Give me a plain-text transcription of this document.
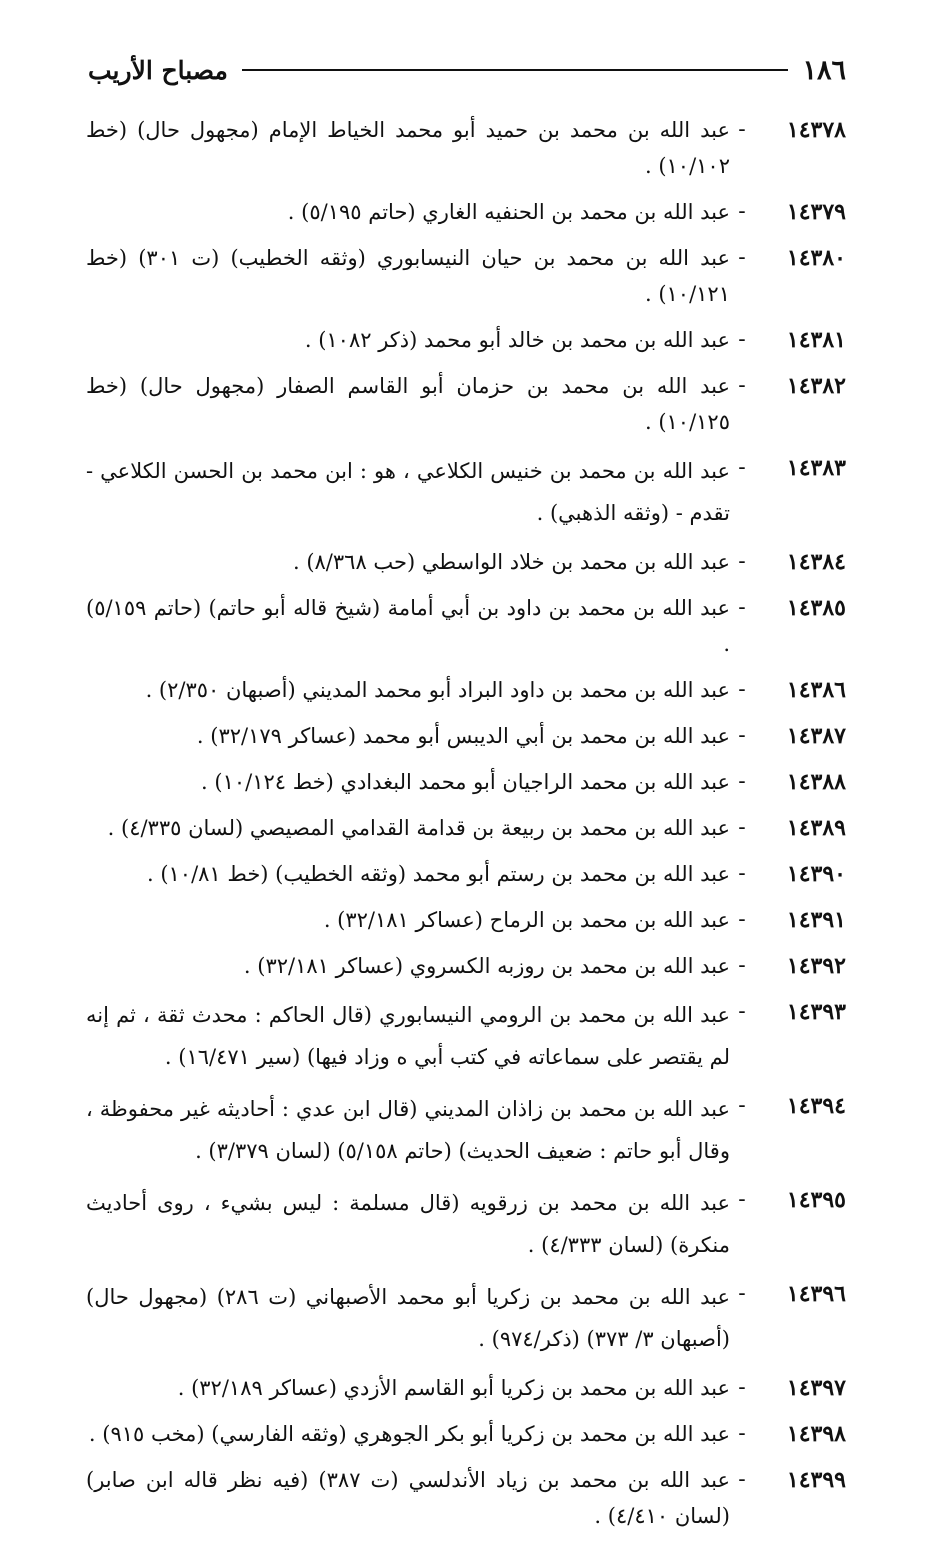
١٨٦
مصباح الأريب
١٤٣٧٨
-
عبد الله بن محمد بن حميد أبو محمد الخياط الإمام (مجهول حال) (خط ١٠/١٠٢) .
١٤٣٧٩
-
عبد الله بن محمد بن الحنفيه الغاري (حاتم ٥/١٩٥) .
١٤٣٨٠
-
عبد الله بن محمد بن حيان النيسابوري (وثقه الخطيب) (ت ٣٠١) (خط ١٠/١٢١) .
١٤٣٨١
-
عبد الله بن محمد بن خالد أبو محمد (ذكر ١٠٨٢) .
١٤٣٨٢
-
عبد الله بن محمد بن حزمان أبو القاسم الصفار (مجهول حال) (خط ١٠/١٢٥) .
١٤٣٨٣
-
عبد الله بن محمد بن خنيس الكلاعي ، هو : ابن محمد بن الحسن الكلاعي - تقدم - (وثقه الذهبي) .
١٤٣٨٤
-
عبد الله بن محمد بن خلاد الواسطي (حب ٨/٣٦٨) .
١٤٣٨٥
-
عبد الله بن محمد بن داود بن أبي أمامة (شيخ قاله أبو حاتم) (حاتم ٥/١٥٩) .
١٤٣٨٦
-
عبد الله بن محمد بن داود البراد أبو محمد المديني (أصبهان ٢/٣٥٠) .
١٤٣٨٧
-
عبد الله بن محمد بن أبي الديبس أبو محمد (عساكر ٣٢/١٧٩) .
١٤٣٨٨
-
عبد الله بن محمد الراجيان أبو محمد البغدادي (خط ١٠/١٢٤) .
١٤٣٨٩
-
عبد الله بن محمد بن ربيعة بن قدامة القدامي المصيصي (لسان ٤/٣٣٥) .
١٤٣٩٠
-
عبد الله بن محمد بن رستم أبو محمد (وثقه الخطيب) (خط ١٠/٨١) .
١٤٣٩١
-
عبد الله بن محمد بن الرماح (عساكر ٣٢/١٨١) .
١٤٣٩٢
-
عبد الله بن محمد بن روزبه الكسروي (عساكر ٣٢/١٨١) .
١٤٣٩٣
-
عبد الله بن محمد بن الرومي النيسابوري (قال الحاكم : محدث ثقة ، ثم إنه لم يقتصر على سماعاته في كتب أبي ه وزاد فيها) (سير ١٦/٤٧١) .
١٤٣٩٤
-
عبد الله بن محمد بن زاذان المديني (قال ابن عدي : أحاديثه غير محفوظة ، وقال أبو حاتم : ضعيف الحديث) (حاتم ٥/١٥٨) (لسان ٣/٣٧٩) .
١٤٣٩٥
-
عبد الله بن محمد بن زرقويه (قال مسلمة : ليس بشيء ، روى أحاديث منكرة) (لسان ٤/٣٣٣) .
١٤٣٩٦
-
عبد الله بن محمد بن زكريا أبو محمد الأصبهاني (ت ٢٨٦) (مجهول حال) (أصبهان ٣/ ٣٧٣) (ذكر/٩٧٤) .
١٤٣٩٧
-
عبد الله بن محمد بن زكريا أبو القاسم الأزدي (عساكر ٣٢/١٨٩) .
١٤٣٩٨
-
عبد الله بن محمد بن زكريا أبو بكر الجوهري (وثقه الفارسي) (مخب ٩١٥) .
١٤٣٩٩
-
عبد الله بن محمد بن زياد الأندلسي (ت ٣٨٧) (فيه نظر قاله ابن صابر) (لسان ٤/٤١٠) .
